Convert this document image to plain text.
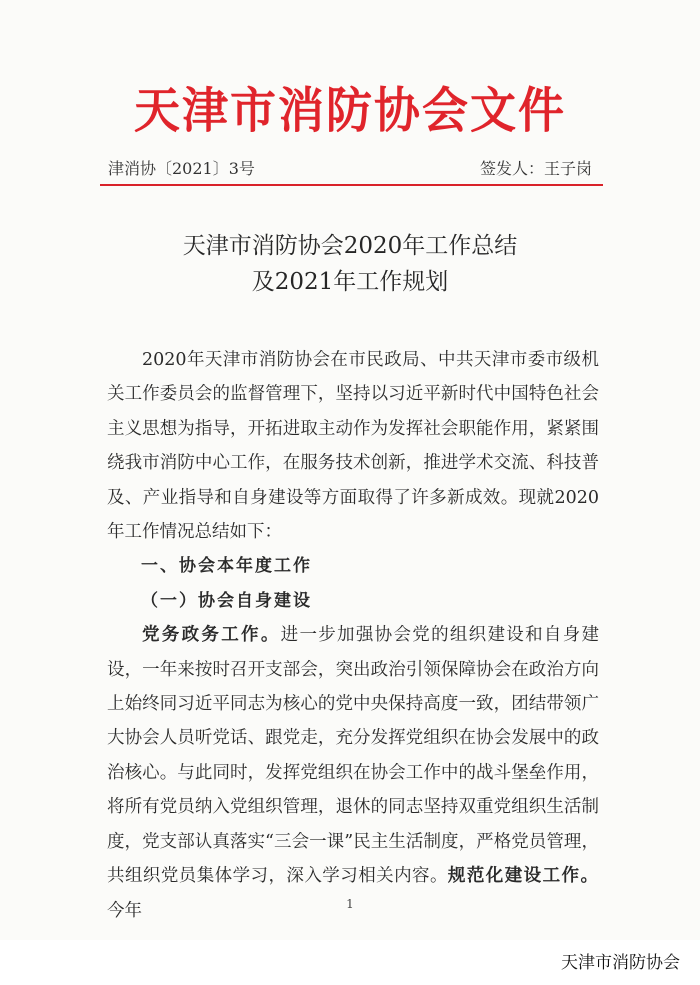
天津市消防协会文件
津消协〔2021〕3号	签发人：王子岗
天津市消防协会2020年工作总结
及2021年工作规划

2020年天津市消防协会在市民政局、中共天津市委市级机关工作委员会的监督管理下，坚持以习近平新时代中国特色社会主义思想为指导，开拓进取主动作为发挥社会职能作用，紧紧围绕我市消防中心工作，在服务技术创新，推进学术交流、科技普及、产业指导和自身建设等方面取得了许多新成效。现就2020年工作情况总结如下：

一、协会本年度工作

（一）协会自身建设

党务政务工作。进一步加强协会党的组织建设和自身建设，一年来按时召开支部会，突出政治引领保障协会在政治方向上始终同习近平同志为核心的党中央保持高度一致，团结带领广大协会人员听党话、跟党走，充分发挥党组织在协会发展中的政治核心。与此同时，发挥党组织在协会工作中的战斗堡垒作用，将所有党员纳入党组织管理，退休的同志坚持双重党组织生活制度，党支部认真落实“三会一课”民主生活制度，严格党员管理，共组织党员集体学习，深入学习相关内容。规范化建设工作。今年	1
天津市消防协会
